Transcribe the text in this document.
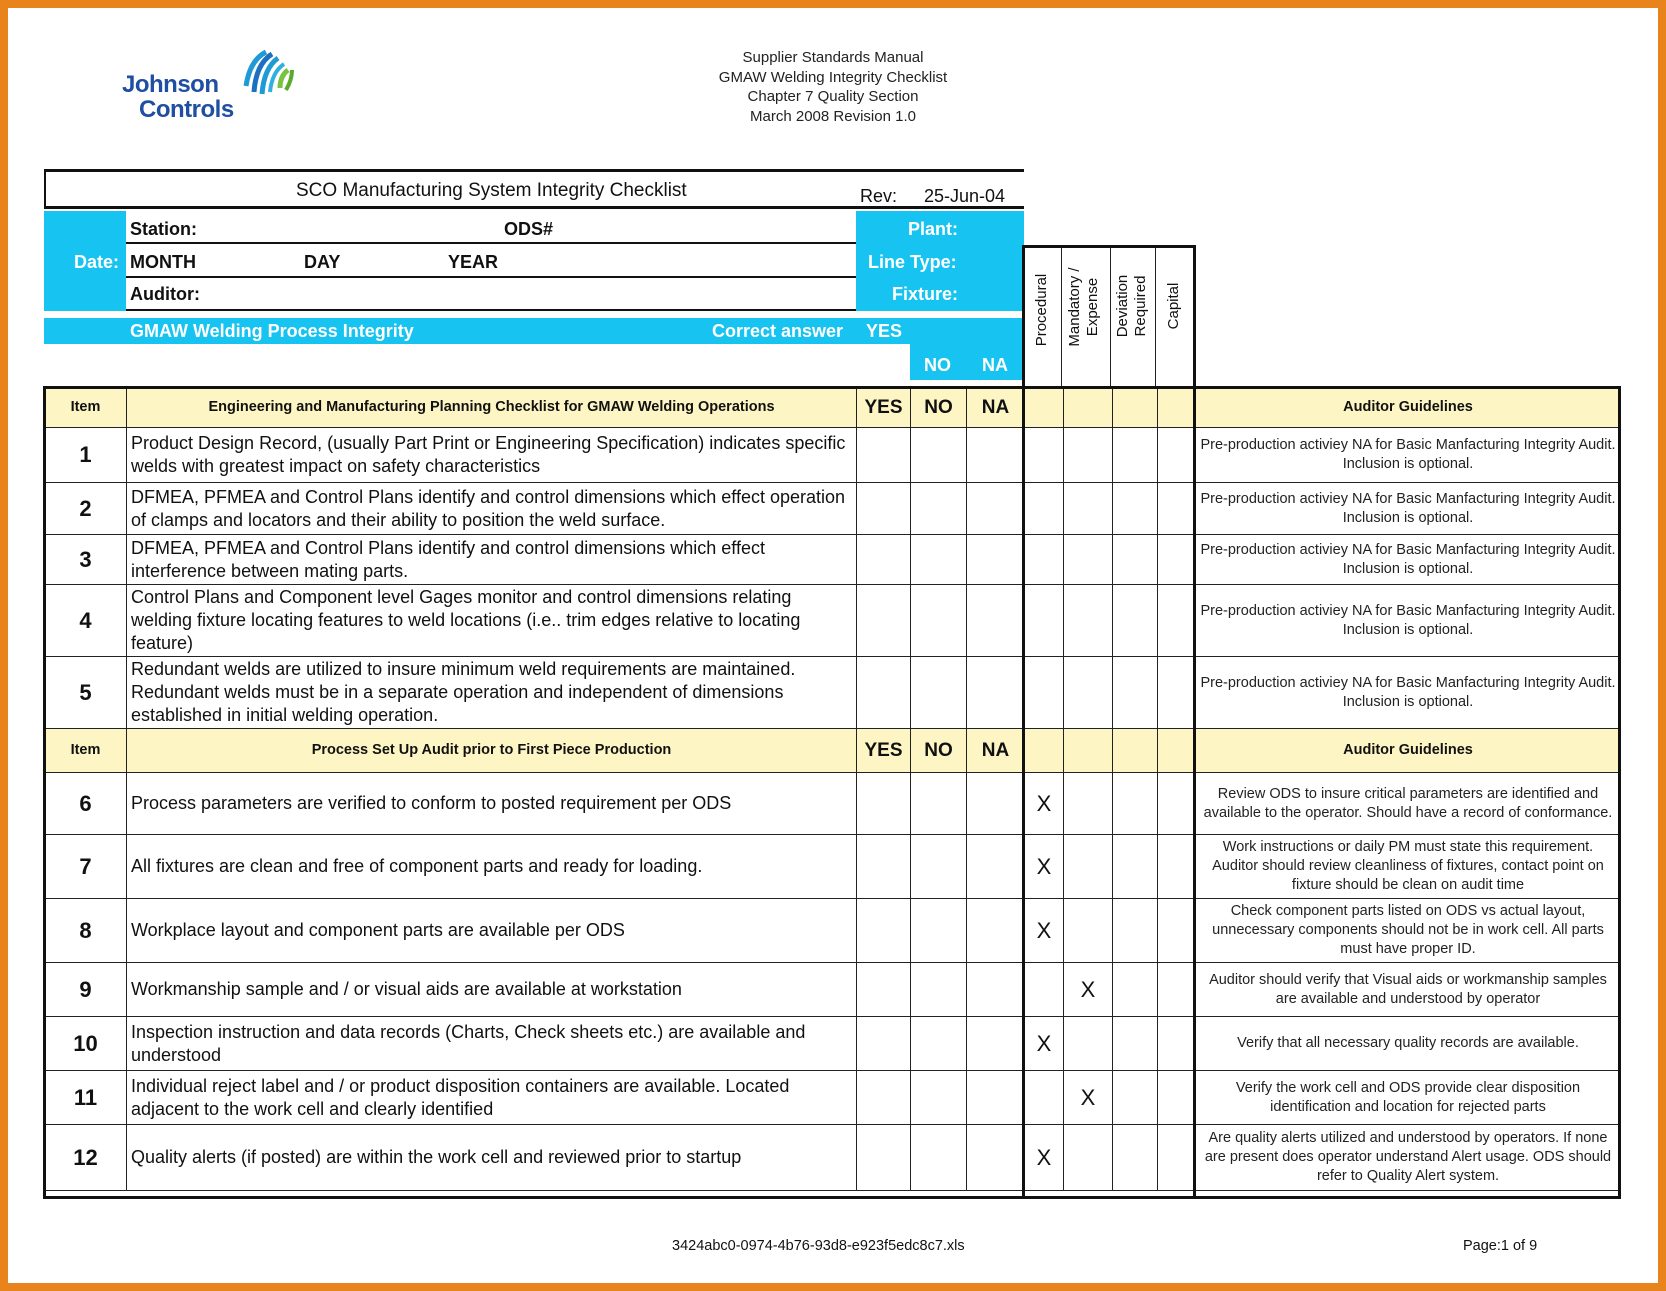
Johnson
Controls
Supplier Standards Manual
GMAW Welding Integrity Checklist
Chapter 7 Quality Section
March 2008 Revision 1.0
SCO Manufacturing System Integrity Checklist	Rev: 25-Jun-04
Date:
Plant:
Line Type:
Fixture:
Station:	ODS#
MONTH	DAY	YEAR
Auditor:
GMAW Welding Process Integrity	Correct answer YES
NO NA
Procedural Mandatory / Expense Deviation Required Capital
Item	Engineering and Manufacturing Planning Checklist for GMAW Welding Operations	YES	NO	NA					Auditor Guidelines
1	Product Design Record, (usually Part Print or Engineering Specification) indicates specific welds with greatest impact on safety characteristics								Pre-production activiey NA for Basic Manfacturing Integrity Audit. Inclusion is optional.
2	DFMEA, PFMEA and Control Plans identify and control dimensions which effect operation of clamps and locators and their ability to position the weld surface.								Pre-production activiey NA for Basic Manfacturing Integrity Audit. Inclusion is optional.
3	DFMEA, PFMEA and Control Plans identify and control dimensions which effect interference between mating parts.								Pre-production activiey NA for Basic Manfacturing Integrity Audit. Inclusion is optional.
4	Control Plans and Component level Gages monitor and control dimensions relating welding fixture locating features to weld locations (i.e.. trim edges relative to locating feature)								Pre-production activiey NA for Basic Manfacturing Integrity Audit. Inclusion is optional.
5	Redundant welds are utilized to insure minimum weld requirements are maintained. Redundant welds must be in a separate operation and independent of dimensions established in initial welding operation.								Pre-production activiey NA for Basic Manfacturing Integrity Audit. Inclusion is optional.
Item	Process Set Up Audit prior to First Piece Production	YES	NO	NA					Auditor Guidelines
6	Process parameters are verified to conform to posted requirement per ODS				X				Review ODS to insure critical parameters are identified and available to the operator. Should have a record of conformance.
7	All fixtures are clean and free of component parts and ready for loading.				X				Work instructions or daily PM must state this requirement. Auditor should review cleanliness of fixtures, contact point on fixture should be clean on audit time
8	Workplace layout and component parts are available per ODS				X				Check component parts listed on ODS vs actual layout, unnecessary components should not be in work cell. All parts must have proper ID.
9	Workmanship sample and / or visual aids are available at workstation					X			Auditor should verify that Visual aids or workmanship samples are available and understood by operator
10	Inspection instruction and data records (Charts, Check sheets etc.) are available and understood				X				Verify that all necessary quality records are available.
11	Individual reject label and / or product disposition containers are available. Located adjacent to the work cell and clearly identified					X			Verify the work cell and ODS provide clear disposition identification and location for rejected parts
12	Quality alerts (if posted) are within the work cell and reviewed prior to startup				X				Are quality alerts utilized and understood by operators. If none are present does operator understand Alert usage. ODS should refer to Quality Alert system.
3424abc0-0974-4b76-93d8-e923f5edc8c7.xls	Page:1 of 9
